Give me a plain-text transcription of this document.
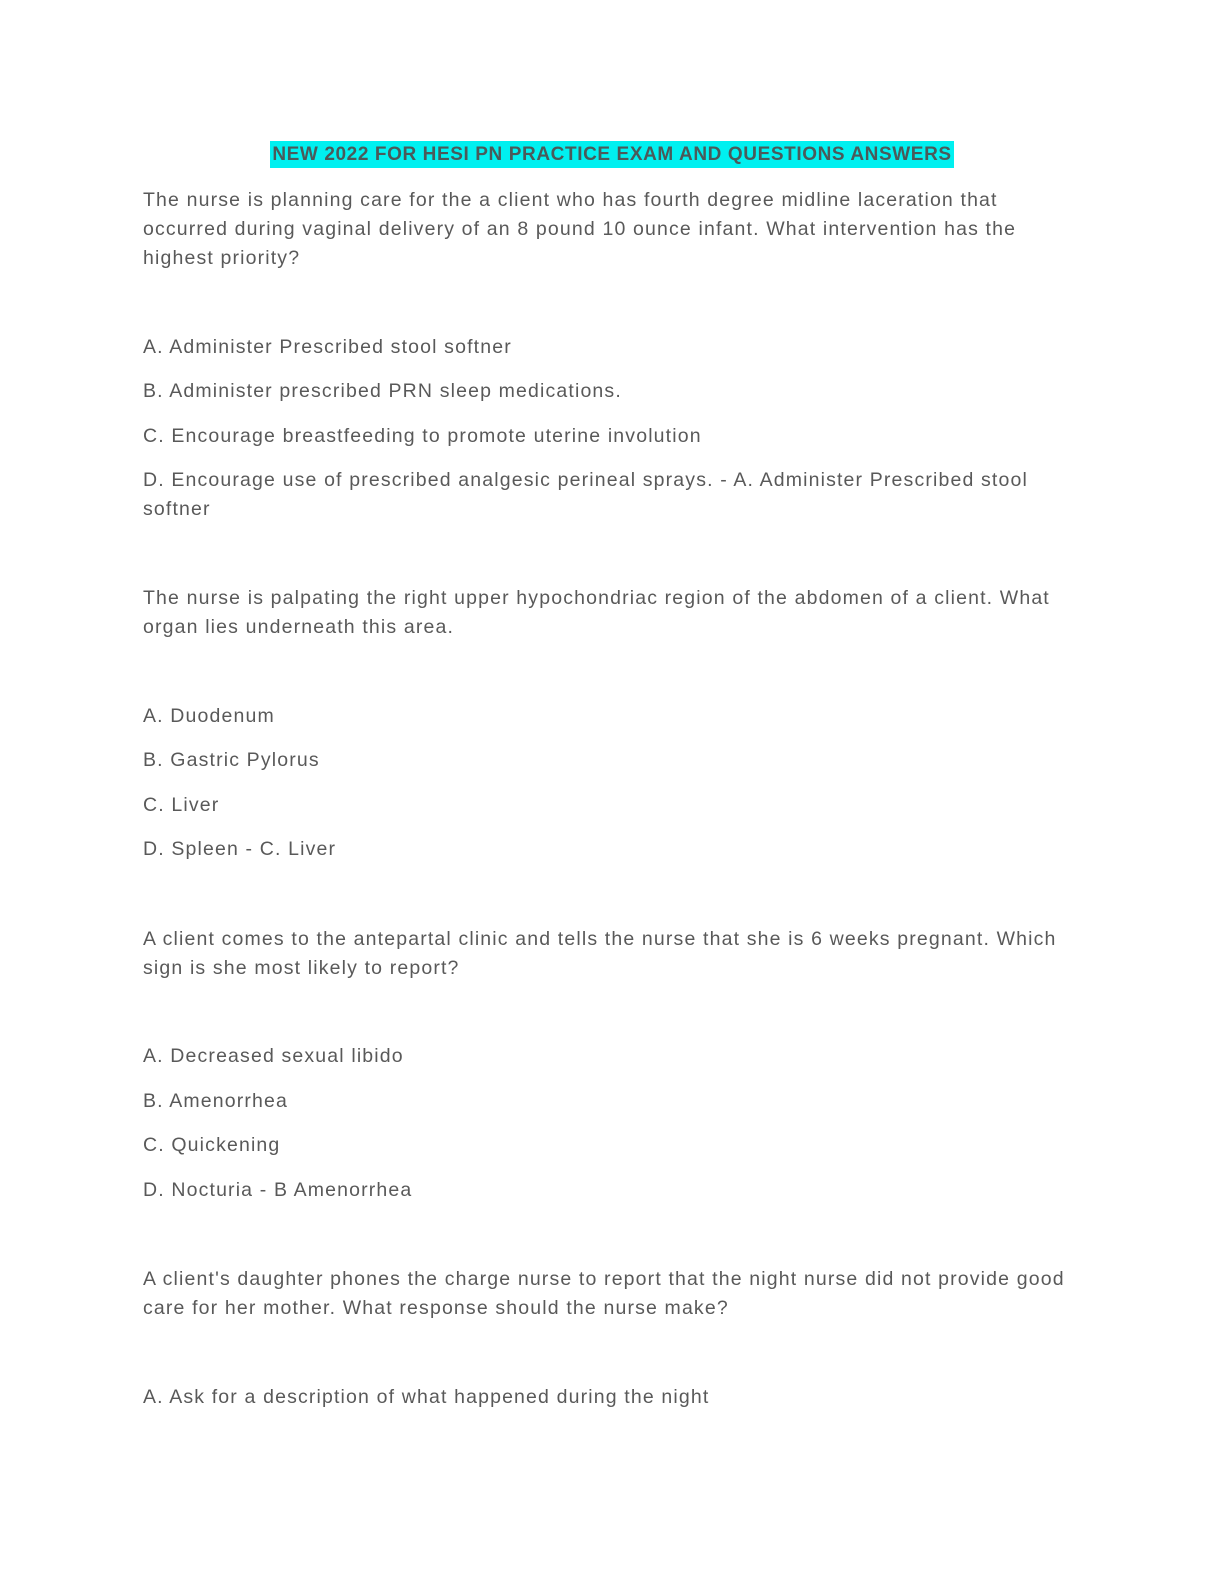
NEW 2022 FOR HESI PN PRACTICE EXAM AND QUESTIONS ANSWERS

The nurse is planning care for the a client who has fourth degree midline laceration that occurred during vaginal delivery of an 8 pound 10 ounce infant. What intervention has the highest priority?

A. Administer Prescribed stool softner

B. Administer prescribed PRN sleep medications.

C. Encourage breastfeeding to promote uterine involution

D. Encourage use of prescribed analgesic perineal sprays. - A. Administer Prescribed stool softner

The nurse is palpating the right upper hypochondriac region of the abdomen of a client. What organ lies underneath this area.

A. Duodenum

B. Gastric Pylorus

C. Liver

D. Spleen - C. Liver

A client comes to the antepartal clinic and tells the nurse that she is 6 weeks pregnant. Which sign is she most likely to report?

A. Decreased sexual libido

B. Amenorrhea

C. Quickening

D. Nocturia - B Amenorrhea

A client's daughter phones the charge nurse to report that the night nurse did not provide good care for her mother. What response should the nurse make?

A. Ask for a description of what happened during the night
